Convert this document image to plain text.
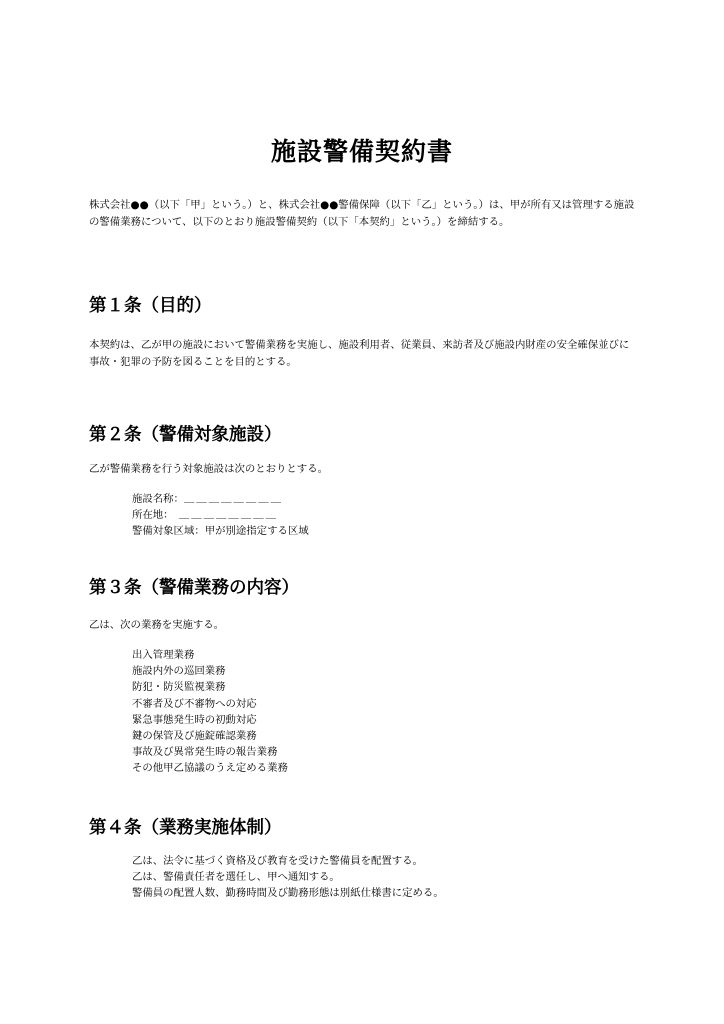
施設警備契約書

株式会社●●（以下「甲」という。）と、株式会社●●警備保障（以下「乙」という。）は、甲が所有又は管理する施設の警備業務について、以下のとおり施設警備契約（以下「本契約」という。）を締結する。

第１条（目的）

本契約は、乙が甲の施設において警備業務を実施し、施設利用者、従業員、来訪者及び施設内財産の安全確保並びに事故・犯罪の予防を図ることを目的とする。

第２条（警備対象施設）

乙が警備業務を行う対象施設は次のとおりとする。

施設名称：＿＿＿＿＿＿＿＿
所在地： ＿＿＿＿＿＿＿＿
警備対象区域：甲が別途指定する区域
第３条（警備業務の内容）

乙は、次の業務を実施する。

出入管理業務
施設内外の巡回業務
防犯・防災監視業務
不審者及び不審物への対応
緊急事態発生時の初動対応
鍵の保管及び施錠確認業務
事故及び異常発生時の報告業務
その他甲乙協議のうえ定める業務
第４条（業務実施体制）
乙は、法令に基づく資格及び教育を受けた警備員を配置する。
乙は、警備責任者を選任し、甲へ通知する。
警備員の配置人数、勤務時間及び勤務形態は別紙仕様書に定める。
